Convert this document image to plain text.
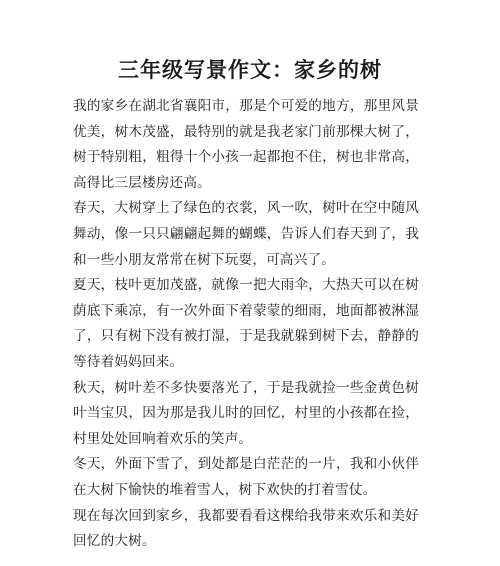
三年级写景作文：家乡的树

我的家乡在湖北省襄阳市，那是个可爱的地方，那里风景优美，树木茂盛，最特别的就是我老家门前那棵大树了，树于特别粗，粗得十个小孩一起都抱不住，树也非常高，高得比三层楼房还高。

春天，大树穿上了绿色的衣裳，风一吹，树叶在空中随风舞动，像一只只翩翩起舞的蝴蝶，告诉人们春天到了，我和一些小朋友常常在树下玩耍，可高兴了。

夏天，枝叶更加茂盛，就像一把大雨伞，大热天可以在树荫底下乘凉，有一次外面下着蒙蒙的细雨，地面都被淋湿了，只有树下没有被打湿，于是我就躲到树下去，静静的等待着妈妈回来。

秋天，树叶差不多快要落光了，于是我就捡一些金黄色树叶当宝贝，因为那是我儿时的回忆，村里的小孩都在捡，村里处处回响着欢乐的笑声。

冬天，外面下雪了，到处都是白茫茫的一片，我和小伙伴在大树下愉快的堆着雪人，树下欢快的打着雪仗。

现在每次回到家乡，我都要看看这棵给我带来欢乐和美好回忆的大树。
